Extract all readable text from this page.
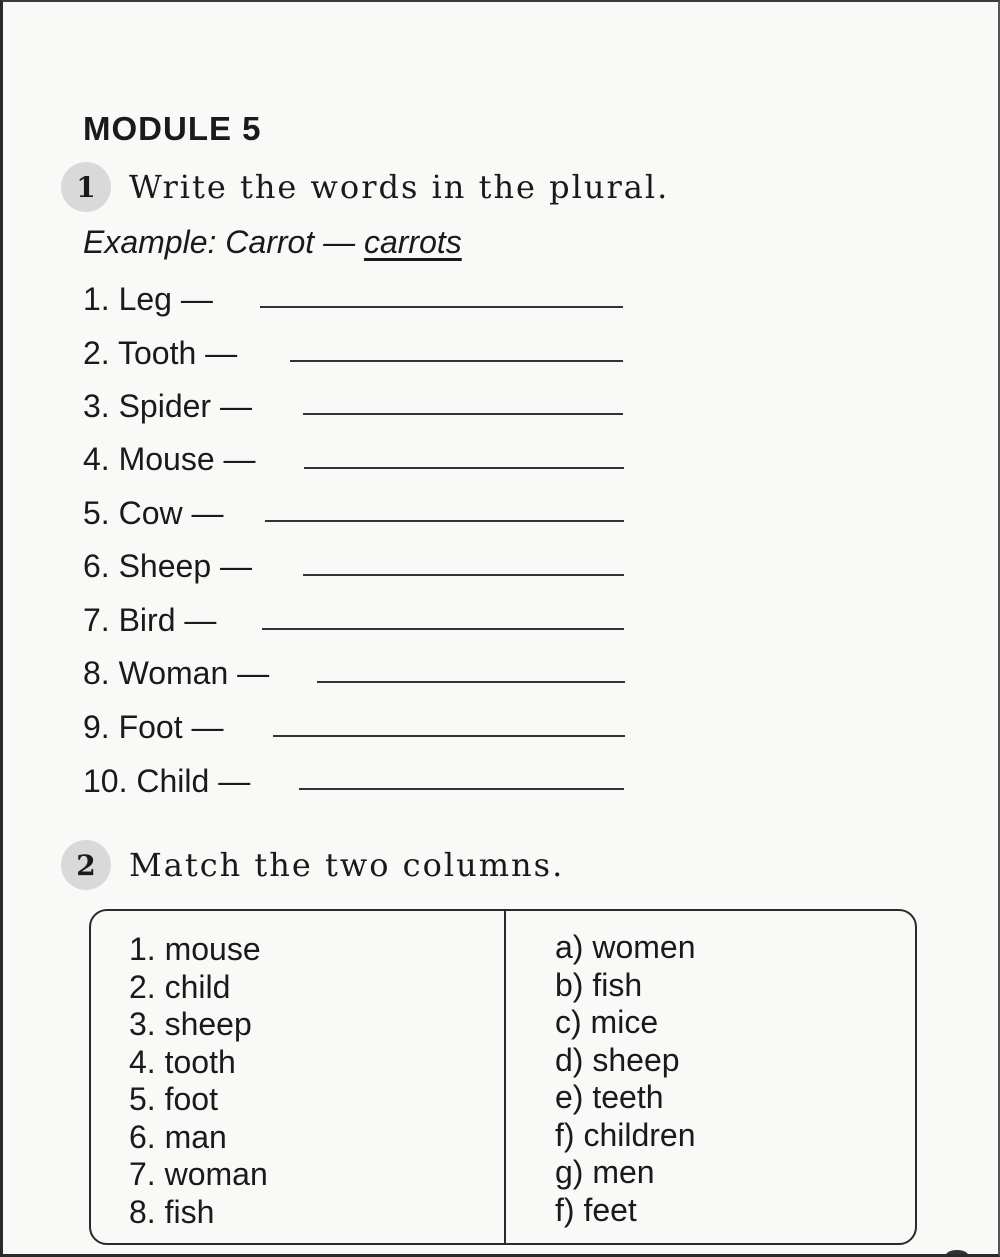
MODULE 5
1	Write the words in the plural.
Example: Carrot — carrots
1. Leg —
2. Tooth —
3. Spider —
4. Mouse —
5. Cow —
6. Sheep —
7. Bird —
8. Woman —
9. Foot —
10. Child —
2	Match the two columns.
1. mouse
2. child
3. sheep
4. tooth
5. foot
6. man
7. woman
8. fish
a) women
b) fish
c) mice
d) sheep
e) teeth
f) children
g) men
f) feet
